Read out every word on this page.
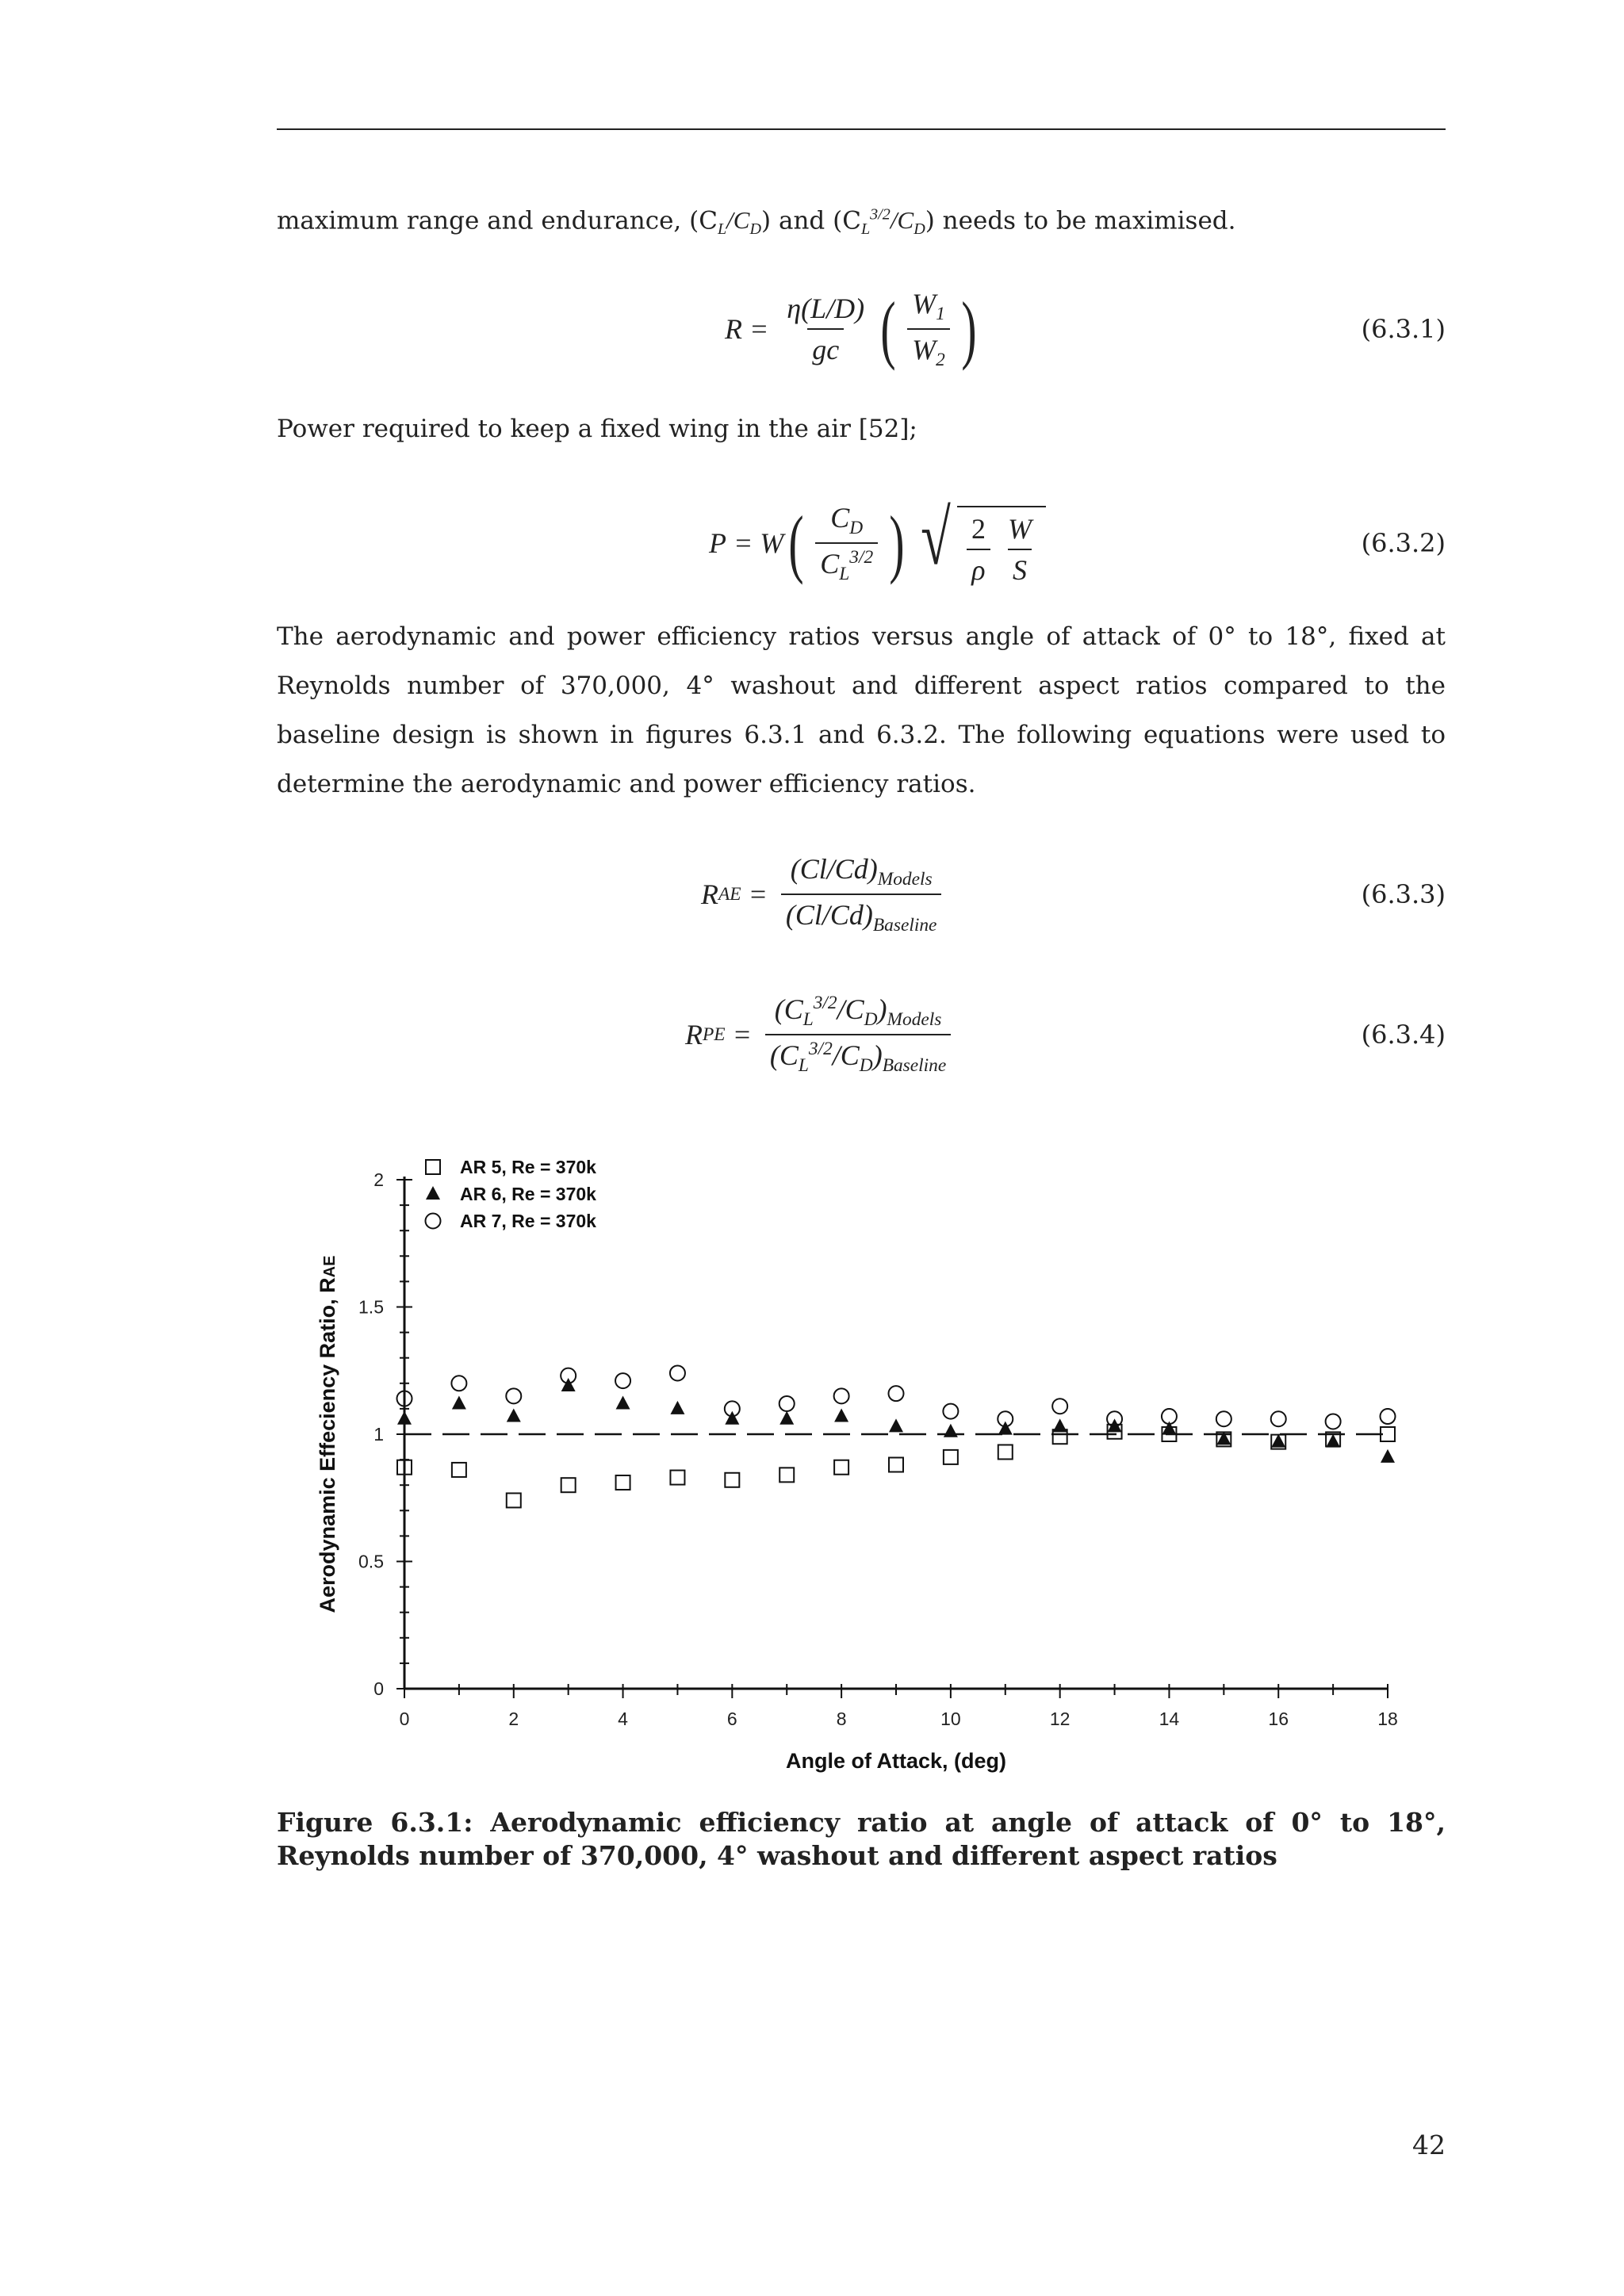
maximum range and endurance, $(C_L/C_D)$ and $(C_L^{3/2}/C_D)$ needs to be maximised.

$R = \frac{\eta(L/D)}{gc}$ ( $\frac{W_1}{W_2}$ )	(6.3.1)

Power required to keep a fixed wing in the air [52];

P = W ( $\frac{C_D}{C_L^{3/2}}$ ) √ $\frac{2}{\rho} \frac{W}{S}$	(6.3.2)

The aerodynamic and power efficiency ratios versus angle of attack of 0° to 18°, fixed at Reynolds number of 370,000, 4° washout and different aspect ratios compared to the baseline design is shown in figures 6.3.1 and 6.3.2. The following equations were used to determine the aerodynamic and power efficiency ratios.

R AE = $\frac{(Cl/Cd)_{Models}}{(Cl/Cd)_{Baseline}}$	(6.3.3)
R PE = $\frac{(C_L^{3/2}/C_D)_{Models}}{(C_L^{3/2}/C_D)_{Baseline}}$	(6.3.4)
0
0.5
1
1.5
2
0	2	4	6	8	10	12	14	16	18
AR 5, Re = 370k
AR 6, Re = 370k
AR 7, Re = 370k
Angle of Attack, (deg)
Aerodynamic Effeciency Ratio, RAE

Figure 6.3.1: Aerodynamic efficiency ratio at angle of attack of 0° to 18°, Reynolds number of 370,000, 4° washout and different aspect ratios

42
